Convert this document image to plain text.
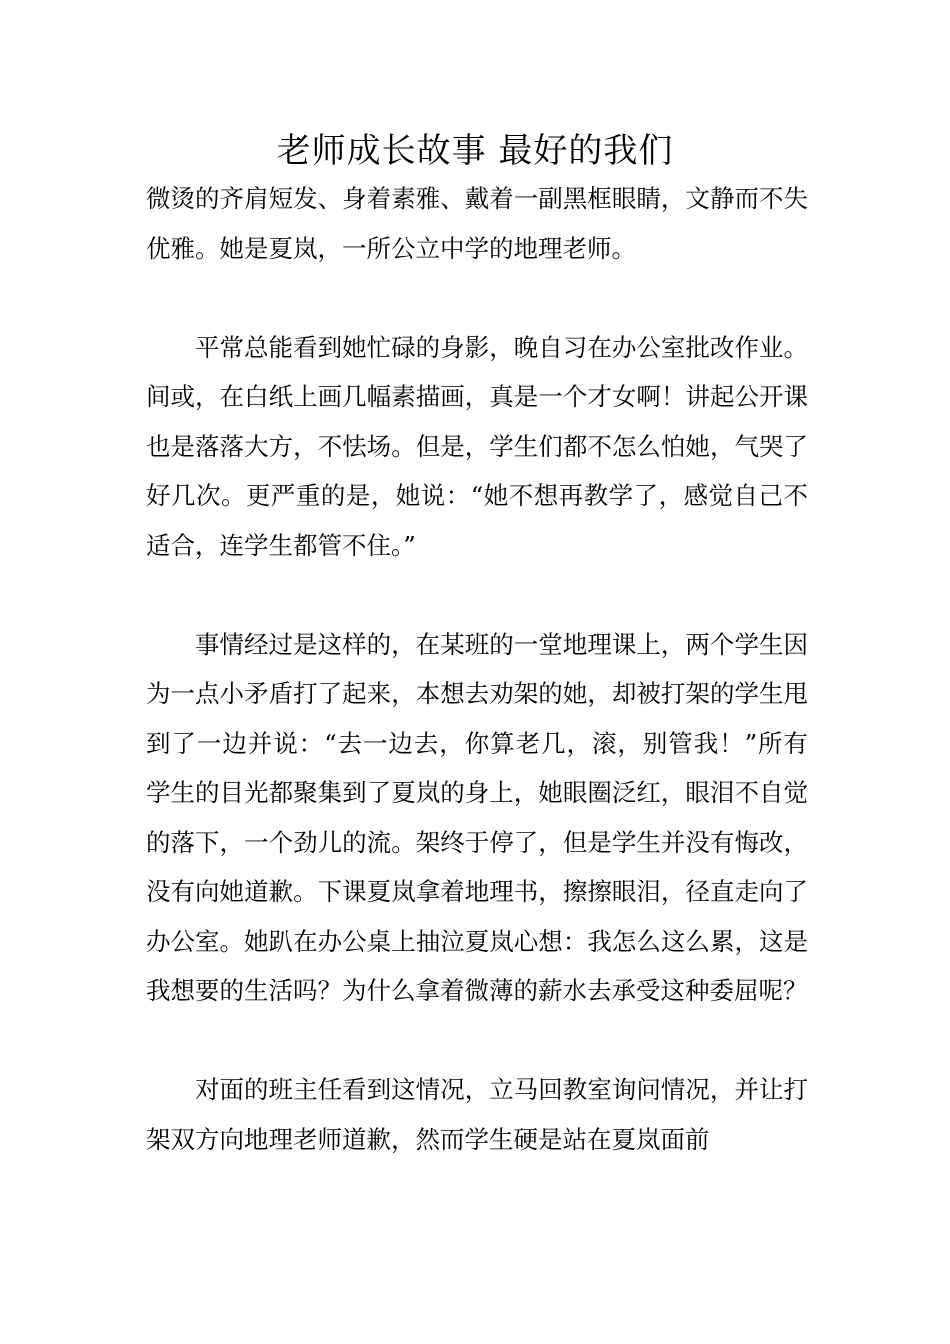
老师成长故事 最好的我们

微烫的齐肩短发、身着素雅、戴着一副黑框眼睛，文静而不失优雅。她是夏岚，一所公立中学的地理老师。

平常总能看到她忙碌的身影，晚自习在办公室批改作业。间或，在白纸上画几幅素描画，真是一个才女啊！讲起公开课也是落落大方，不怯场。但是，学生们都不怎么怕她，气哭了好几次。更严重的是，她说：“她不想再教学了，感觉自己不适合，连学生都管不住。”

事情经过是这样的，在某班的一堂地理课上，两个学生因为一点小矛盾打了起来，本想去劝架的她，却被打架的学生甩到了一边并说：“去一边去，你算老几，滚，别管我！”所有学生的目光都聚集到了夏岚的身上，她眼圈泛红，眼泪不自觉的落下，一个劲儿的流。架终于停了，但是学生并没有悔改，没有向她道歉。下课夏岚拿着地理书，擦擦眼泪，径直走向了办公室。她趴在办公桌上抽泣夏岚心想：我怎么这么累，这是我想要的生活吗？为什么拿着微薄的薪水去承受这种委屈呢？

对面的班主任看到这情况，立马回教室询问情况，并让打架双方向地理老师道歉，然而学生硬是站在夏岚面前
